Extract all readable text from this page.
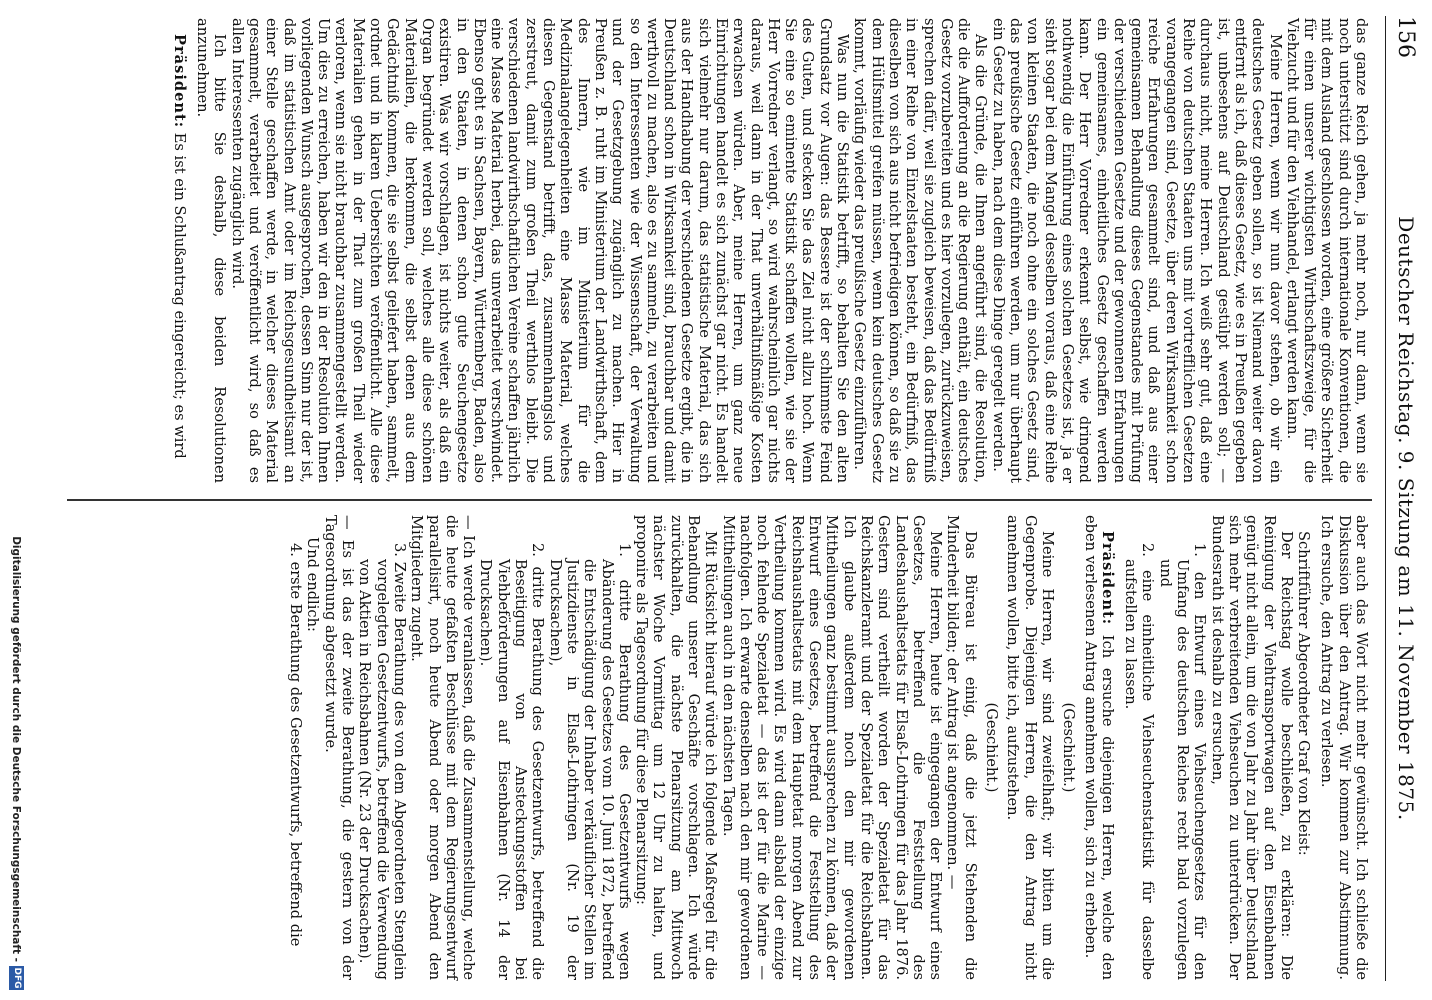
156
Deutscher Reichstag. 9. Sitzung am 11. November 1875.

das ganze Reich gehen, ja mehr noch, nur dann, wenn sie noch unterstützt sind durch internationale Konventionen, die mit dem Ausland geschlossen worden, eine größere Sicherheit für einen unserer wichtigsten Wirthschaftszweige, für die Viehzucht und für den Viehhandel, erlangt werden kann.

Meine Herren, wenn wir nun davor stehen, ob wir ein deutsches Gesetz geben sollen, so ist Niemand weiter davon entfernt als ich, daß dieses Gesetz, wie es in Preußen gegeben ist, unbesehens auf Deutschland gestülpt werden soll; — durchaus nicht, meine Herren. Ich weiß sehr gut, daß eine Reihe von deutschen Staaten uns mit vortrefflichen Gesetzen vorangegangen sind, Gesetze, über deren Wirksamkeit schon reiche Erfahrungen gesammelt sind, und daß aus einer gemeinsamen Behandlung dieses Gegenstandes mit Prüfung der verschiedenen Gesetze und der gewonnenen Erfahrungen ein gemeinsames, einheitliches Gesetz geschaffen werden kann. Der Herr Vorredner erkennt selbst, wie dringend nothwendig die Einführung eines solchen Gesetzes ist, ja er sieht sogar bei dem Mangel desselben voraus, daß eine Reihe von kleinen Staaten, die noch ohne ein solches Gesetz sind, das preußische Gesetz einführen werden, um nur überhaupt ein Gesetz zu haben, nach dem diese Dinge geregelt werden.

Als die Gründe, die Ihnen angeführt sind, die Resolution, die die Aufforderung an die Regierung enthält, ein deutsches Gesetz vorzubereiten und es hier vorzulegen, zurückzuweisen, sprechen dafür, weil sie zugleich beweisen, daß das Bedürfniß in einer Reihe von Einzelstaaten besteht, ein Bedürfniß, das dieselben von sich aus nicht befriedigen können, so daß sie zu dem Hülfsmittel greifen müssen, wenn kein deutsches Gesetz kommt, vorläufig wieder das preußische Gesetz einzuführen.

Was nun die Statistik betrifft, so behalten Sie den alten Grundsatz vor Augen: das Bessere ist der schlimmste Feind des Guten, und stecken Sie das Ziel nicht allzu hoch. Wenn Sie eine so eminente Statistik schaffen wollen, wie sie der Herr Vorredner verlangt, so wird wahrscheinlich gar nichts daraus, weil dann in der That unverhältnißmäßige Kosten erwachsen würden. Aber, meine Herren, um ganz neue Einrichtungen handelt es sich zunächst gar nicht. Es handelt sich vielmehr nur darum, das statistische Material, das sich aus der Handhabung der verschiedenen Gesetze ergibt, die in Deutschland schon in Wirksamkeit sind, brauchbar und damit werthvoll zu machen, also es zu sammeln, zu verarbeiten und so den Interessenten wie der Wissenschaft, der Verwaltung und der Gesetzgebung zugänglich zu machen. Hier in Preußen z. B. ruht im Ministerium der Landwirthschaft, dem des Innern, wie im Ministerium für die Medizinalangelegenheiten eine Masse Material, welches diesen Gegenstand betrifft, das, zusammenhangslos und zerstreut, damit zum großen Theil werthlos bleibt. Die verschiedenen landwirthschaftlichen Vereine schaffen jährlich eine Masse Material herbei, das unverarbeitet verschwindet. Ebenso geht es in Sachsen, Bayern, Württemberg, Baden, also in den Staaten, in denen schon gute Seuchengesetze existiren. Was wir vorschlagen, ist nichts weiter, als daß ein Organ begründet werden soll, welches alle diese schönen Materialien, die herkommen, die selbst denen aus dem Gedächtniß kommen, die sie selbst geliefert haben, sammelt, ordnet und in klaren Uebersichten veröffentlicht. Alle diese Materialien gehen in der That zum großen Theil wieder verloren, wenn sie nicht brauchbar zusammengestellt werden. Um dies zu erreichen, haben wir den in der Resolution Ihnen vorliegenden Wunsch ausgesprochen, dessen Sinn nur der ist, daß im statistischen Amt oder im Reichsgesundheitsamt an einer Stelle geschaffen werde, in welcher dieses Material gesammelt, verarbeitet und veröffentlicht wird, so daß es allen Interessenten zugänglich wird.

Ich bitte Sie deshalb, diese beiden Resolutionen anzunehmen.

Präsident: Es ist ein Schlußantrag eingereicht; es wird

aber auch das Wort nicht mehr gewünscht. Ich schließe die Diskussion über den Antrag. Wir kommen zur Abstimmung. Ich ersuche, den Antrag zu verlesen.

Schriftführer Abgeordneter Graf von Kleist:

Der Reichstag wolle beschließen, zu erklären: Die Reinigung der Viehtransportwagen auf den Eisenbahnen genügt nicht allein, um die von Jahr zu Jahr über Deutschland sich mehr verbreitenden Viehseuchen zu unterdrücken. Der Bundesrath ist deshalb zu ersuchen,

1. den Entwurf eines Viehseuchengesetzes für den Umfang des deutschen Reiches recht bald vorzulegen und

2. eine einheitliche Viehseuchenstatistik für dasselbe aufstellen zu lassen.

Präsident: Ich ersuche diejenigen Herren, welche den eben verlesenen Antrag annehmen wollen, sich zu erheben.

(Geschieht.)

Meine Herren, wir sind zweifelhaft; wir bitten um die Gegenprobe. Diejenigen Herren, die den Antrag nicht annehmen wollen, bitte ich, aufzustehen.

(Geschieht.)

Das Büreau ist einig, daß die jetzt Stehenden die Minderheit bilden; der Antrag ist angenommen. —

Meine Herren, heute ist eingegangen der Entwurf eines Gesetzes, betreffend die Feststellung des Landeshaushaltsetats für Elsaß-Lothringen für das Jahr 1876. Gestern sind vertheilt worden der Spezialetat für das Reichskanzleramt und der Spezialetat für die Reichsbahnen. Ich glaube außerdem noch den mir gewordenen Mittheilungen ganz bestimmt aussprechen zu können, daß der Entwurf eines Gesetzes, betreffend die Feststellung des Reichshaushaltsetats mit dem Hauptetat morgen Abend zur Vertheilung kommen wird. Es wird dann alsbald der einzige noch fehlende Spezialetat — das ist der für die Marine — nachfolgen. Ich erwarte denselben nach den mir gewordenen Mittheilungen auch in den nächsten Tagen.

Mit Rücksicht hierauf würde ich folgende Maßregel für die Behandlung unserer Geschäfte vorschlagen. Ich würde zurückhalten, die nächste Plenarsitzung am Mittwoch nächster Woche Vormittag um 12 Uhr zu halten, und proponire als Tagesordnung für diese Plenarsitzung:

1. dritte Berathung des Gesetzentwurfs wegen Abänderung des Gesetzes vom 10. Juni 1872, betreffend die Entschädigung der Inhaber verkäuflicher Stellen im Justizdienste in Elsaß-Lothringen (Nr. 19 der Drucksachen),

2. dritte Berathung des Gesetzentwurfs, betreffend die Beseitigung von Ansteckungsstoffen bei Viehbeförderungen auf Eisenbahnen (Nr. 14 der Drucksachen).

— Ich werde veranlassen, daß die Zusammenstellung, welche die heute gefaßten Beschlüsse mit dem Regierungsentwurf parallelisirt, noch heute Abend oder morgen Abend den Mitgliedern zugeht.

3. Zweite Berathung des von dem Abgeordneten Stenglein vorgelegten Gesetzentwurfs, betreffend die Verwendung von Aktien in Reichsbahnen (Nr. 23 der Drucksachen).

— Es ist das der zweite Berathung, die gestern von der Tagesordnung abgesetzt wurde.

Und endlich:

4. erste Berathung des Gesetzentwurfs, betreffend die

Digitalisierung gefördert durch die Deutsche Forschungsgemeinschaft -
DFG
